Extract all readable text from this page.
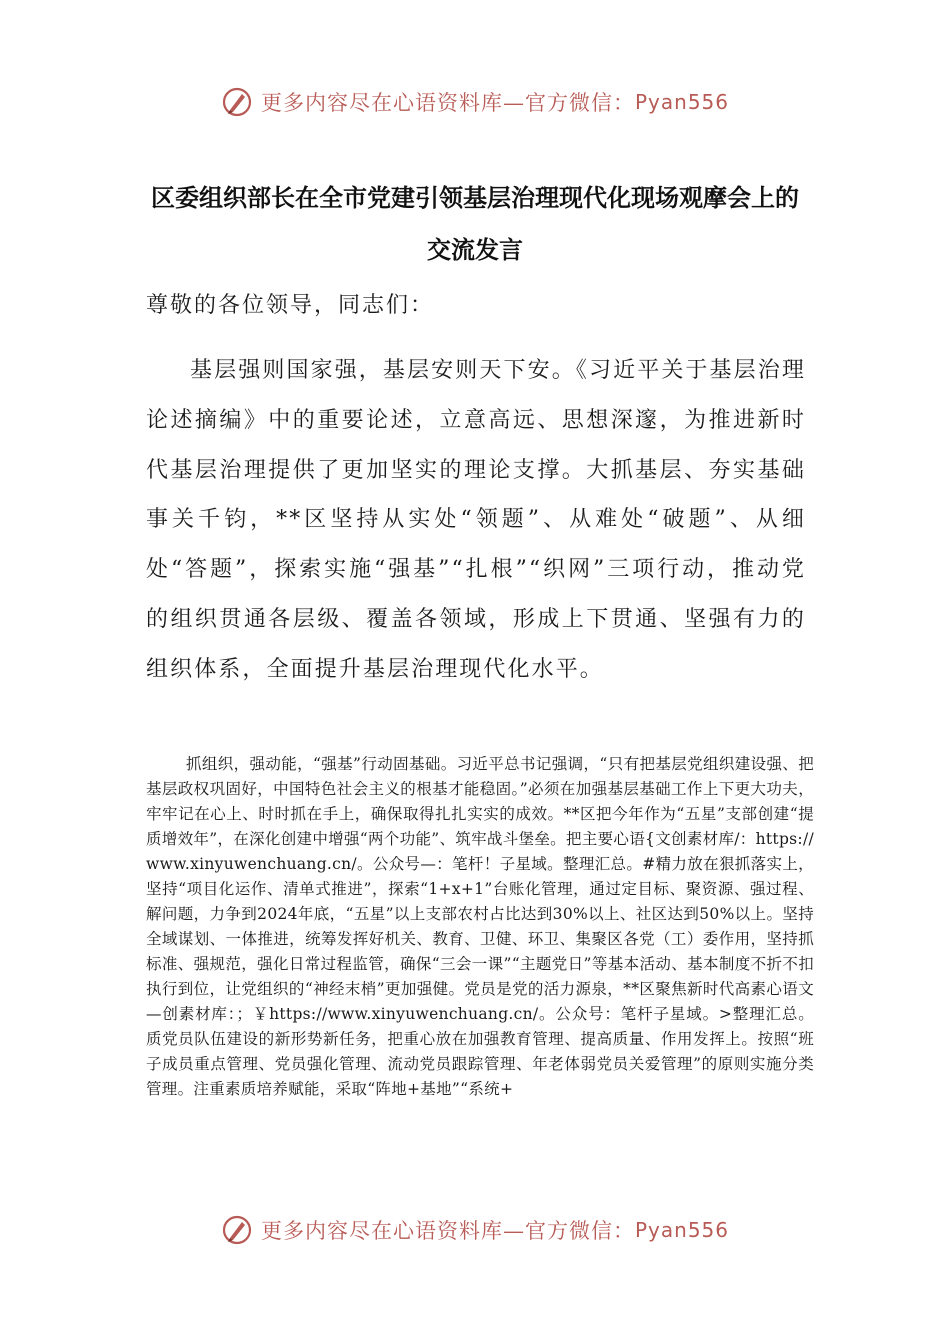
更多内容尽在心语资料库—官方微信： Pyan556
区委组织部长在全市党建引领基层治理现代化现场观摩会上的交流发言
尊敬的各位领导，同志们：

基层强则国家强，基层安则天下安。《习近平关于基层治理论述摘编》中的重要论述，立意高远、思想深邃，为推进新时代基层治理提供了更加坚实的理论支撑。大抓基层、夯实基础事关千钧，**区坚持从实处“领题”、从难处“破题”、从细处“答题”，探索实施“强基”“扎根”“织网”三项行动，推动党的组织贯通各层级、覆盖各领域，形成上下贯通、坚强有力的组织体系，全面提升基层治理现代化水平。

抓组织，强动能，“强基”行动固基础。习近平总书记强调，“只有把基层党组织建设强、把基层政权巩固好，中国特色社会主义的根基才能稳固。”必须在加强基层基础工作上下更大功夫，牢牢记在心上、时时抓在手上，确保取得扎扎实实的成效。**区把今年作为“五星”支部创建“提质增效年”，在深化创建中增强“两个功能”、筑牢战斗堡垒。把主要心语{文创素材库/：https://www.xinyuwenchuang.cn/。公众号—：笔杆！子星域。整理汇总。#精力放在狠抓落实上，坚持“项目化运作、清单式推进”，探索“1+x+1”台账化管理，通过定目标、聚资源、强过程、解问题，力争到2024年底，“五星”以上支部农村占比达到30%以上、社区达到50%以上。坚持全域谋划、一体推进，统筹发挥好机关、教育、卫健、环卫、集聚区各党（工）委作用，坚持抓标准、强规范，强化日常过程监管，确保“三会一课”“主题党日”等基本活动、基本制度不折不扣执行到位，让党组织的“神经末梢”更加强健。党员是党的活力源泉，**区聚焦新时代高素心语文—创素材库：；￥https://www.xinyuwenchuang.cn/。公众号：笔杆子星域。>整理汇总。质党员队伍建设的新形势新任务，把重心放在加强教育管理、提高质量、作用发挥上。按照“班子成员重点管理、党员强化管理、流动党员跟踪管理、年老体弱党员关爱管理”的原则实施分类管理。注重素质培养赋能，采取“阵地+基地”“系统+

更多内容尽在心语资料库—官方微信： Pyan556
